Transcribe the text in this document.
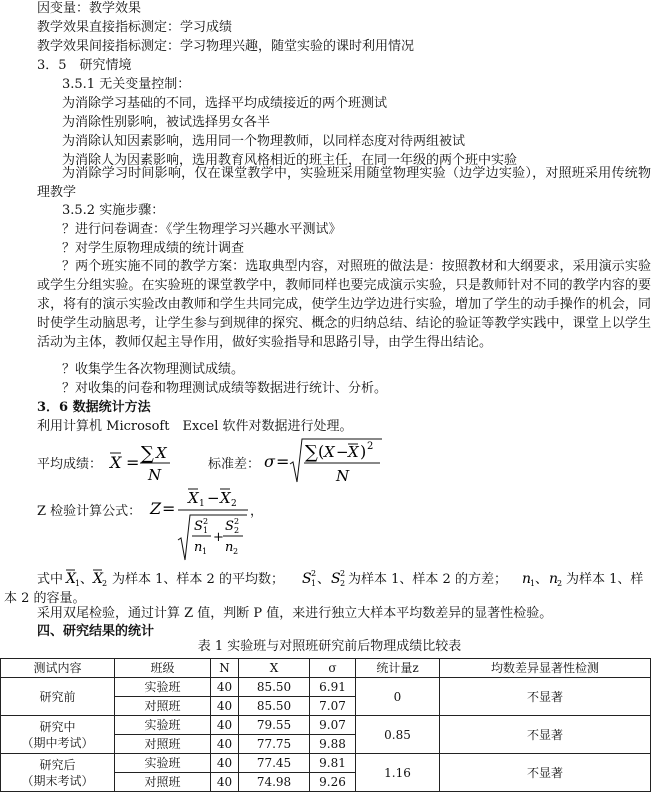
因变量：教学效果
教学效果直接指标测定：学习成绩
教学效果间接指标测定：学习物理兴趣，随堂实验的课时利用情况
3．5　研究情境
3.5.1 无关变量控制：
为消除学习基础的不同，选择平均成绩接近的两个班测试
为消除性别影响，被试选择男女各半
为消除认知因素影响，选用同一个物理教师，以同样态度对待两组被试
为消除人为因素影响，选用教育风格相近的班主任，在同一年级的两个班中实验
为消除学习时间影响，仅在课堂教学中，实验班采用随堂物理实验（边学边实验），对照班采用传统物理教学
3.5.2 实施步骤：
？进行问卷调查：《学生物理学习兴趣水平测试》
？对学生原物理成绩的统计调查
？两个班实施不同的教学方案：选取典型内容，对照班的做法是：按照教材和大纲要求，采用演示实验或学生分组实验。在实验班的课堂教学中，教师同样也要完成演示实验，只是教师针对不同的教学内容的要求，将有的演示实验改由教师和学生共同完成，使学生边学边进行实验，增加了学生的动手操作的机会，同时使学生动脑思考，让学生参与到规律的探究、概念的归纳总结、结论的验证等教学实践中，课堂上以学生活动为主体，教师仅起主导作用，做好实验指导和思路引导，由学生得出结论。
？收集学生各次物理测试成绩。
？对收集的问卷和物理测试成绩等数据进行统计、分析。
3．6 数据统计方法
利用计算机 Microsoft　Excel 软件对数据进行处理。
平均成绩： X = ∑ X
N
标准差： σ = ∑ ( X − X ) 2
N
Z 检验计算公式： Z =
X 1 − X 2
S 2
1
n 1
+
S 2
2
n 2
，
式中 X 1 、 X 2 为样本 1、样本 2 的平均数； S 2
1 、 S 2
2 为样本 1、样本 2 的方差； n
1 、 n
2 为样本 1、样
本 2 的容量。
采用双尾检验，通过计算 Z 值，判断 P 值，来进行独立大样本平均数差异的显著性检验。
四、研究结果的统计
表 1 实验班与对照班研究前后物理成绩比较表
测试内容	班级	N	X	σ	统计量z	均数差异显著性检测
研究前	实验班	40	85.50	6.91	0	不显著
	对照班	40	85.50	7.07		
研究中
（期中考试）	实验班	40	79.55	9.07	0.85	不显著
	对照班	40	77.75	9.88		
研究后
（期末考试）	实验班	40	77.45	9.81	1.16	不显著
	对照班	40	74.98	9.26		
